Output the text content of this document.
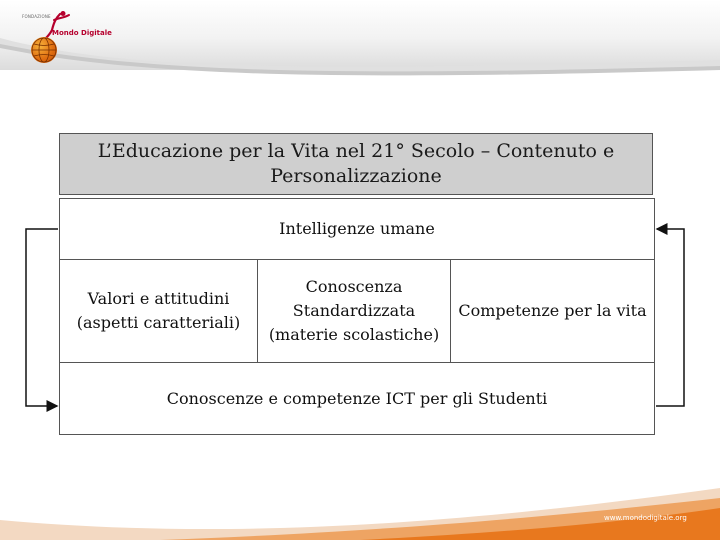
FONDAZIONE
Mondo Digitale
L’Educazione per la Vita nel 21° Secolo – Contenuto e Personalizzazione
Intelligenze umane
Valori e attitudini (aspetti caratteriali)
Conoscenza Standardizzata (materie scolastiche)
Competenze per la vita
Conoscenze e competenze ICT per gli Studenti
www.mondodigitale.org
